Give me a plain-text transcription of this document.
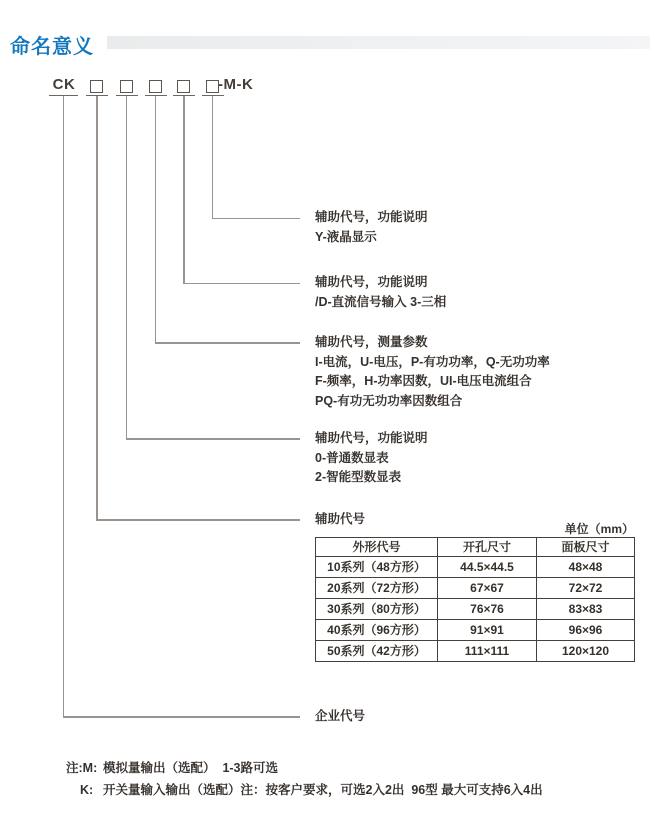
命名意义
CK	-M-K
辅助代号，功能说明
Y-液晶显示
辅助代号，功能说明
/D-直流信号输入 3-三相
辅助代号，测量参数
I-电流，U-电压，P-有功功率，Q-无功功率
F-频率，H-功率因数，UI-电压电流组合
PQ-有功无功功率因数组合
辅助代号，功能说明
0-普通数显表
2-智能型数显表
辅助代号
企业代号
单位（mm）
外形代号	开孔尺寸	面板尺寸
10系列（48方形）	44.5×44.5	48×48
20系列（72方形）	67×67	72×72
30系列（80方形）	76×76	83×83
40系列（96方形）	91×91	96×96
50系列（42方形）	111×111	120×120
注:M: 模拟量输出（选配）  1-3路可选
K: 开关量输入输出（选配）注：按客户要求，可选2入2出  96型 最大可支持6入4出
